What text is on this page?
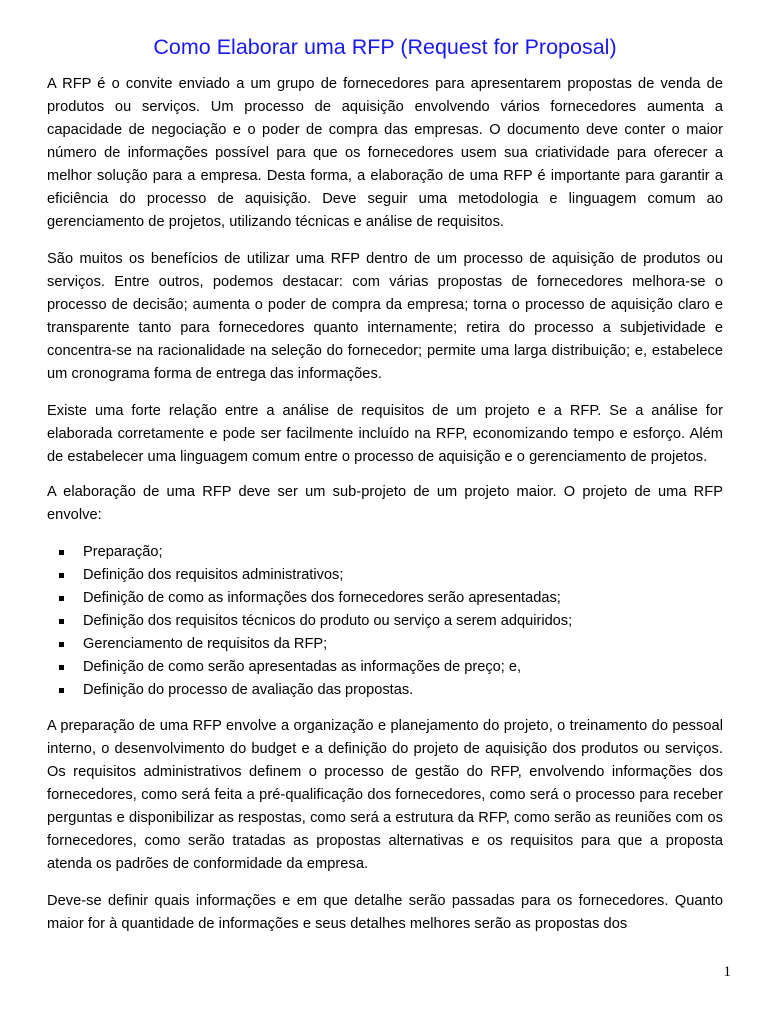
Como Elaborar uma RFP (Request for Proposal)

A RFP é o convite enviado a um grupo de fornecedores para apresentarem propostas de venda de produtos ou serviços. Um processo de aquisição envolvendo vários fornecedores aumenta a capacidade de negociação e o poder de compra das empresas. O documento deve conter o maior número de informações possível para que os fornecedores usem sua criatividade para oferecer a melhor solução para a empresa. Desta forma, a elaboração de uma RFP é importante para garantir a eficiência do processo de aquisição. Deve seguir uma metodologia e linguagem comum ao gerenciamento de projetos, utilizando técnicas e análise de requisitos.

São muitos os benefícios de utilizar uma RFP dentro de um processo de aquisição de produtos ou serviços. Entre outros, podemos destacar: com várias propostas de fornecedores melhora-se o processo de decisão; aumenta o poder de compra da empresa; torna o processo de aquisição claro e transparente tanto para fornecedores quanto internamente; retira do processo a subjetividade e concentra-se na racionalidade na seleção do fornecedor; permite uma larga distribuição; e, estabelece um cronograma forma de entrega das informações.

Existe uma forte relação entre a análise de requisitos de um projeto e a RFP. Se a análise for elaborada corretamente e pode ser facilmente incluído na RFP, economizando tempo e esforço. Além de estabelecer uma linguagem comum entre o processo de aquisição e o gerenciamento de projetos.

A elaboração de uma RFP deve ser um sub-projeto de um projeto maior. O projeto de uma RFP envolve:

Preparação;
Definição dos requisitos administrativos;
Definição de como as informações dos fornecedores serão apresentadas;
Definição dos requisitos técnicos do produto ou serviço a serem adquiridos;
Gerenciamento de requisitos da RFP;
Definição de como serão apresentadas as informações de preço; e,
Definição do processo de avaliação das propostas.

A preparação de uma RFP envolve a organização e planejamento do projeto, o treinamento do pessoal interno, o desenvolvimento do budget e a definição do projeto de aquisição dos produtos ou serviços. Os requisitos administrativos definem o processo de gestão do RFP, envolvendo informações dos fornecedores, como será feita a pré-qualificação dos fornecedores, como será o processo para receber perguntas e disponibilizar as respostas, como será a estrutura da RFP, como serão as reuniões com os fornecedores, como serão tratadas as propostas alternativas e os requisitos para que a proposta atenda os padrões de conformidade da empresa.

Deve-se definir quais informações e em que detalhe serão passadas para os fornecedores. Quanto maior for à quantidade de informações e seus detalhes melhores serão as propostas dos

1
